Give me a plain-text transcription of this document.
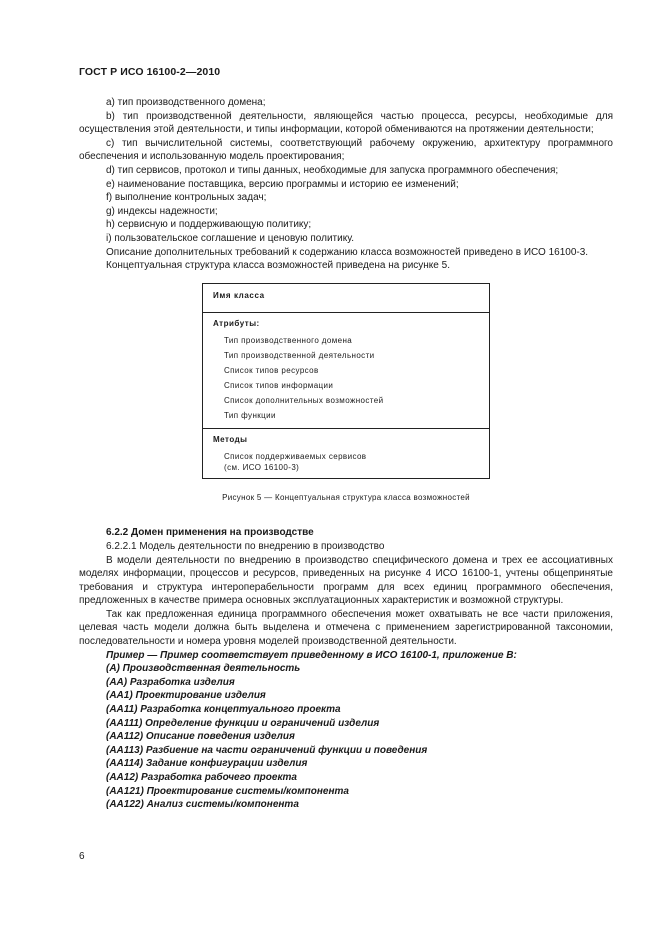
ГОСТ Р ИСО 16100-2—2010

a) тип производственного домена;

b) тип производственной деятельности, являющейся частью процесса, ресурсы, необходимые для осуществления этой деятельности, и типы информации, которой обмениваются на протяжении деятельности;

c) тип вычислительной системы, соответствующий рабочему окружению, архитектуру программного обеспечения и использованную модель проектирования;

d) тип сервисов, протокол и типы данных, необходимые для запуска программного обеспечения;

e) наименование поставщика, версию программы и историю ее изменений;

f) выполнение контрольных задач;

g) индексы надежности;

h) сервисную и поддерживающую политику;

i) пользовательское соглашение и ценовую политику.

Описание дополнительных требований к содержанию класса возможностей приведено в ИСО 16100-3.

Концептуальная структура класса возможностей приведена на рисунке 5.

Имя класса
Атрибуты:
Тип производственного домена
Тип производственной деятельности
Список типов ресурсов
Список типов информации
Список дополнительных возможностей
Тип функции
Методы
Список поддерживаемых сервисов
(см. ИСО 16100-3)
Рисунок 5 — Концептуальная структура класса возможностей

6.2.2 Домен применения на производстве

6.2.2.1 Модель деятельности по внедрению в производство

В модели деятельности по внедрению в производство специфического домена и трех ее ассоциативных моделях информации, процессов и ресурсов, приведенных на рисунке 4 ИСО 16100-1, учтены общепринятые требования и структура интероперабельности программ для всех единиц программного обеспечения, предложенных в качестве примера основных эксплуатационных характеристик и возможной структуры.

Так как предложенная единица программного обеспечения может охватывать не все части приложения, целевая часть модели должна быть выделена и отмечена с применением зарегистрированной таксономии, последовательности и номера уровня моделей производственной деятельности.

Пример — Пример соответствует приведенному в ИСО 16100-1, приложение В:

(A) Производственная деятельность

(AA) Разработка изделия

(AA1) Проектирование изделия

(AA11) Разработка концептуального проекта

(AA111) Определение функции и ограничений изделия

(AA112) Описание поведения изделия

(AA113) Разбиение на части ограничений функции и поведения

(AA114) Задание конфигурации изделия

(AA12) Разработка рабочего проекта

(AA121) Проектирование системы/компонента

(AA122) Анализ системы/компонента

6
